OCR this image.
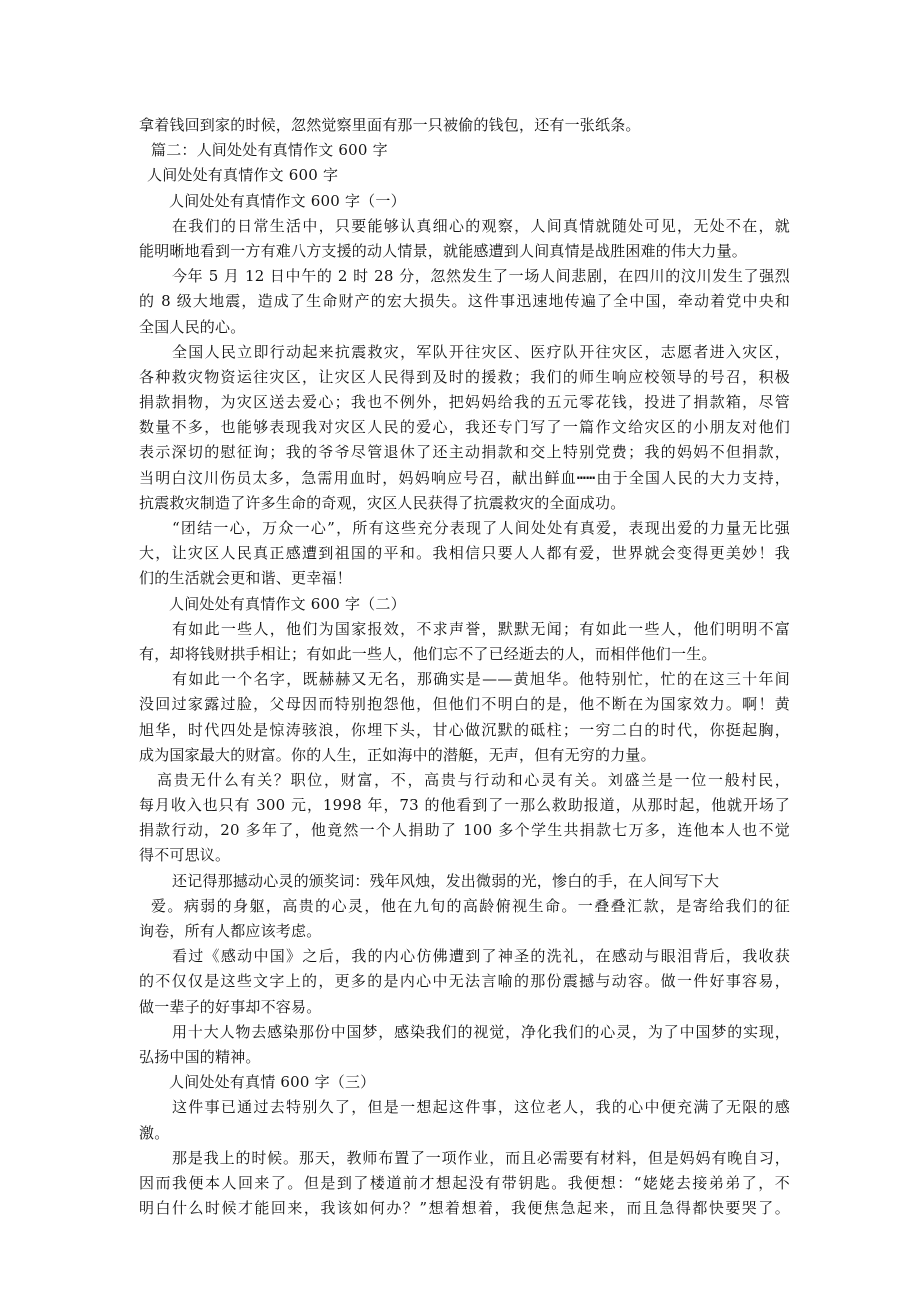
拿着钱回到家的时候，忽然觉察里面有那一只被偷的钱包，还有一张纸条。
篇二：人间处处有真情作文 600 字
人间处处有真情作文 600 字
人间处处有真情作文 600 字（一）
在我们的日常生活中，只要能够认真细心的观察，人间真情就随处可见，无处不在，就
能明晰地看到一方有难八方支援的动人情景，就能感遭到人间真情是战胜困难的伟大力量。
今年 5 月 12 日中午的 2 时 28 分，忽然发生了一场人间悲剧，在四川的汶川发生了强烈
的 8 级大地震，造成了生命财产的宏大损失。这件事迅速地传遍了全中国，牵动着党中央和
全国人民的心。
全国人民立即行动起来抗震救灾，军队开往灾区、医疗队开往灾区，志愿者进入灾区，
各种救灾物资运往灾区，让灾区人民得到及时的援救；我们的师生响应校领导的号召，积极
捐款捐物，为灾区送去爱心；我也不例外，把妈妈给我的五元零花钱，投进了捐款箱，尽管
数量不多，也能够表现我对灾区人民的爱心，我还专门写了一篇作文给灾区的小朋友对他们
表示深切的慰征询；我的爷爷尽管退休了还主动捐款和交上特别党费；我的妈妈不但捐款，
当明白汶川伤员太多，急需用血时，妈妈响应号召，献出鲜血┅┅由于全国人民的大力支持，
抗震救灾制造了许多生命的奇观，灾区人民获得了抗震救灾的全面成功。
“团结一心，万众一心”，所有这些充分表现了人间处处有真爱，表现出爱的力量无比强
大，让灾区人民真正感遭到祖国的平和。我相信只要人人都有爱，世界就会变得更美妙！我
们的生活就会更和谐、更幸福！
人间处处有真情作文 600 字（二）
有如此一些人，他们为国家报效，不求声誉，默默无闻；有如此一些人，他们明明不富
有，却将钱财拱手相让；有如此一些人，他们忘不了已经逝去的人，而相伴他们一生。
有如此一个名字，既赫赫又无名，那确实是——黄旭华。他特别忙，忙的在这三十年间
没回过家露过脸，父母因而特别抱怨他，但他们不明白的是，他不断在为国家效力。啊！黄
旭华，时代四处是惊涛骇浪，你埋下头，甘心做沉默的砥柱；一穷二白的时代，你挺起胸，
成为国家最大的财富。你的人生，正如海中的潜艇，无声，但有无穷的力量。
高贵无什么有关？职位，财富，不，高贵与行动和心灵有关。刘盛兰是一位一般村民，
每月收入也只有 300 元，1998 年，73 的他看到了一那么救助报道，从那时起，他就开场了
捐款行动，20 多年了，他竟然一个人捐助了 100 多个学生共捐款七万多，连他本人也不觉
得不可思议。
还记得那撼动心灵的颁奖词：残年风烛，发出微弱的光，惨白的手，在人间写下大
爱。病弱的身躯，高贵的心灵，他在九旬的高龄俯视生命。一叠叠汇款，是寄给我们的征
询卷，所有人都应该考虑。
看过《感动中国》之后，我的内心仿佛遭到了神圣的洗礼，在感动与眼泪背后，我收获
的不仅仅是这些文字上的，更多的是内心中无法言喻的那份震撼与动容。做一件好事容易，
做一辈子的好事却不容易。
用十大人物去感染那份中国梦，感染我们的视觉，净化我们的心灵，为了中国梦的实现，
弘扬中国的精神。
人间处处有真情 600 字（三）
这件事已通过去特别久了，但是一想起这件事，这位老人，我的心中便充满了无限的感
激。
那是我上的时候。那天，教师布置了一项作业，而且必需要有材料，但是妈妈有晚自习，
因而我便本人回来了。但是到了楼道前才想起没有带钥匙。我便想：“姥姥去接弟弟了，不
明白什么时候才能回来，我该如何办？”想着想着，我便焦急起来，而且急得都快要哭了。
